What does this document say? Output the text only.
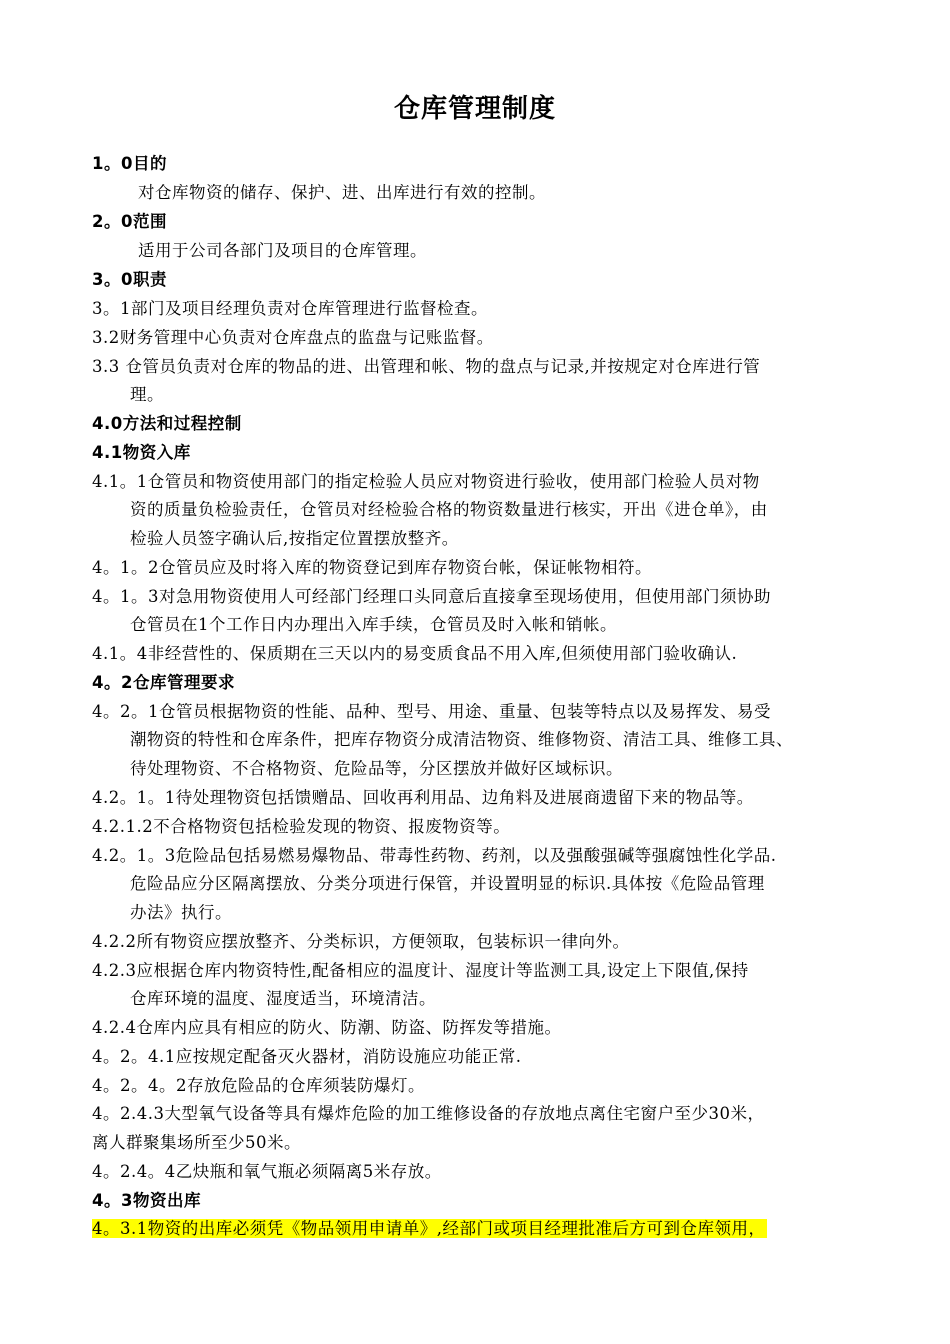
仓库管理制度
1。0目的
对仓库物资的储存、保护、进、出库进行有效的控制。
2。0范围
适用于公司各部门及项目的仓库管理。
3。0职责
3。1部门及项目经理负责对仓库管理进行监督检查。
3.2财务管理中心负责对仓库盘点的监盘与记账监督。
3.3 仓管员负责对仓库的物品的进、出管理和帐、物的盘点与记录,并按规定对仓库进行管
理。
4.0方法和过程控制
4.1物资入库
4.1。1仓管员和物资使用部门的指定检验人员应对物资进行验收，使用部门检验人员对物
资的质量负检验责任，仓管员对经检验合格的物资数量进行核实，开出《进仓单》，由
检验人员签字确认后,按指定位置摆放整齐。
4。1。2仓管员应及时将入库的物资登记到库存物资台帐，保证帐物相符。
4。1。3对急用物资使用人可经部门经理口头同意后直接拿至现场使用，但使用部门须协助
仓管员在1个工作日内办理出入库手续，仓管员及时入帐和销帐。
4.1。4非经营性的、保质期在三天以内的易变质食品不用入库,但须使用部门验收确认.
4。2仓库管理要求
4。2。1仓管员根据物资的性能、品种、型号、用途、重量、包装等特点以及易挥发、易受
潮物资的特性和仓库条件，把库存物资分成清洁物资、维修物资、清洁工具、维修工具、
待处理物资、不合格物资、危险品等，分区摆放并做好区域标识。
4.2。1。1待处理物资包括馈赠品、回收再利用品、边角料及进展商遗留下来的物品等。
4.2.1.2不合格物资包括检验发现的物资、报废物资等。
4.2。1。3危险品包括易燃易爆物品、带毒性药物、药剂，以及强酸强碱等强腐蚀性化学品.
危险品应分区隔离摆放、分类分项进行保管，并设置明显的标识.具体按《危险品管理
办法》执行。
4.2.2所有物资应摆放整齐、分类标识，方便领取，包装标识一律向外。
4.2.3应根据仓库内物资特性,配备相应的温度计、湿度计等监测工具,设定上下限值,保持
仓库环境的温度、湿度适当，环境清洁。
4.2.4仓库内应具有相应的防火、防潮、防盗、防挥发等措施。
4。2。4.1应按规定配备灭火器材，消防设施应功能正常.
4。2。4。2存放危险品的仓库须装防爆灯。
4。2.4.3大型氧气设备等具有爆炸危险的加工维修设备的存放地点离住宅窗户至少30米，
离人群聚集场所至少50米。
4。2.4。4乙炔瓶和氧气瓶必须隔离5米存放。
4。3物资出库
4。3.1物资的出库必须凭《物品领用申请单》,经部门或项目经理批准后方可到仓库领用，
